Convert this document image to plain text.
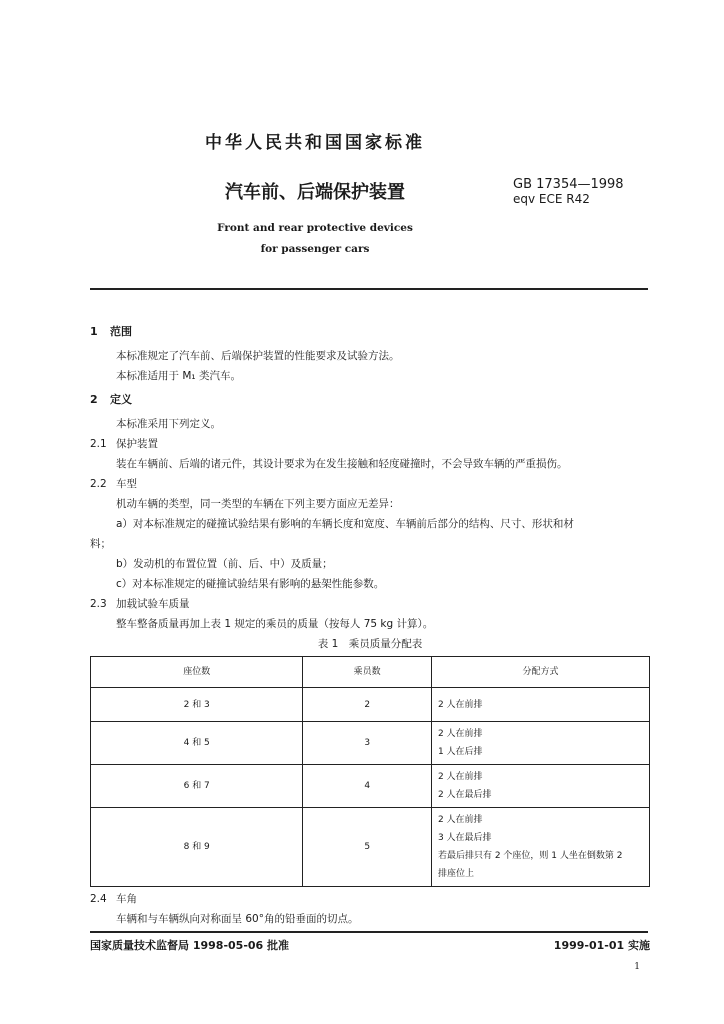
中华人民共和国国家标准
汽车前、后端保护装置	GB 17354—1998
eqv ECE R42
Front and rear protective devices
for passenger cars

1 范围

本标准规定了汽车前、后端保护装置的性能要求及试验方法。

本标准适用于 M₁ 类汽车。

2 定义

本标准采用下列定义。

2.1 保护装置

装在车辆前、后端的诸元件，其设计要求为在发生接触和轻度碰撞时，不会导致车辆的严重损伤。

2.2 车型

机动车辆的类型，同一类型的车辆在下列主要方面应无差异：

a）对本标准规定的碰撞试验结果有影响的车辆长度和宽度、车辆前后部分的结构、尺寸、形状和材

料；

b）发动机的布置位置（前、后、中）及质量；

c）对本标准规定的碰撞试验结果有影响的悬架性能参数。

2.3 加载试验车质量

整车整备质量再加上表 1 规定的乘员的质量（按每人 75 kg 计算）。

表 1　乘员质量分配表

座位数	乘员数	分配方式
2 和 3	2	2 人在前排

4 和 5	3	2 人在前排
1 人在后排

6 和 7	4	2 人在前排
2 人在最后排

8 和 9	5	2 人在前排
3 人在最后排
若最后排只有 2 个座位，则 1 人坐在倒数第 2
排座位上

2.4 车角

车辆和与车辆纵向对称面呈 60°角的铅垂面的切点。

国家质量技术监督局 1998-05-06 批准	1999-01-01 实施
1
